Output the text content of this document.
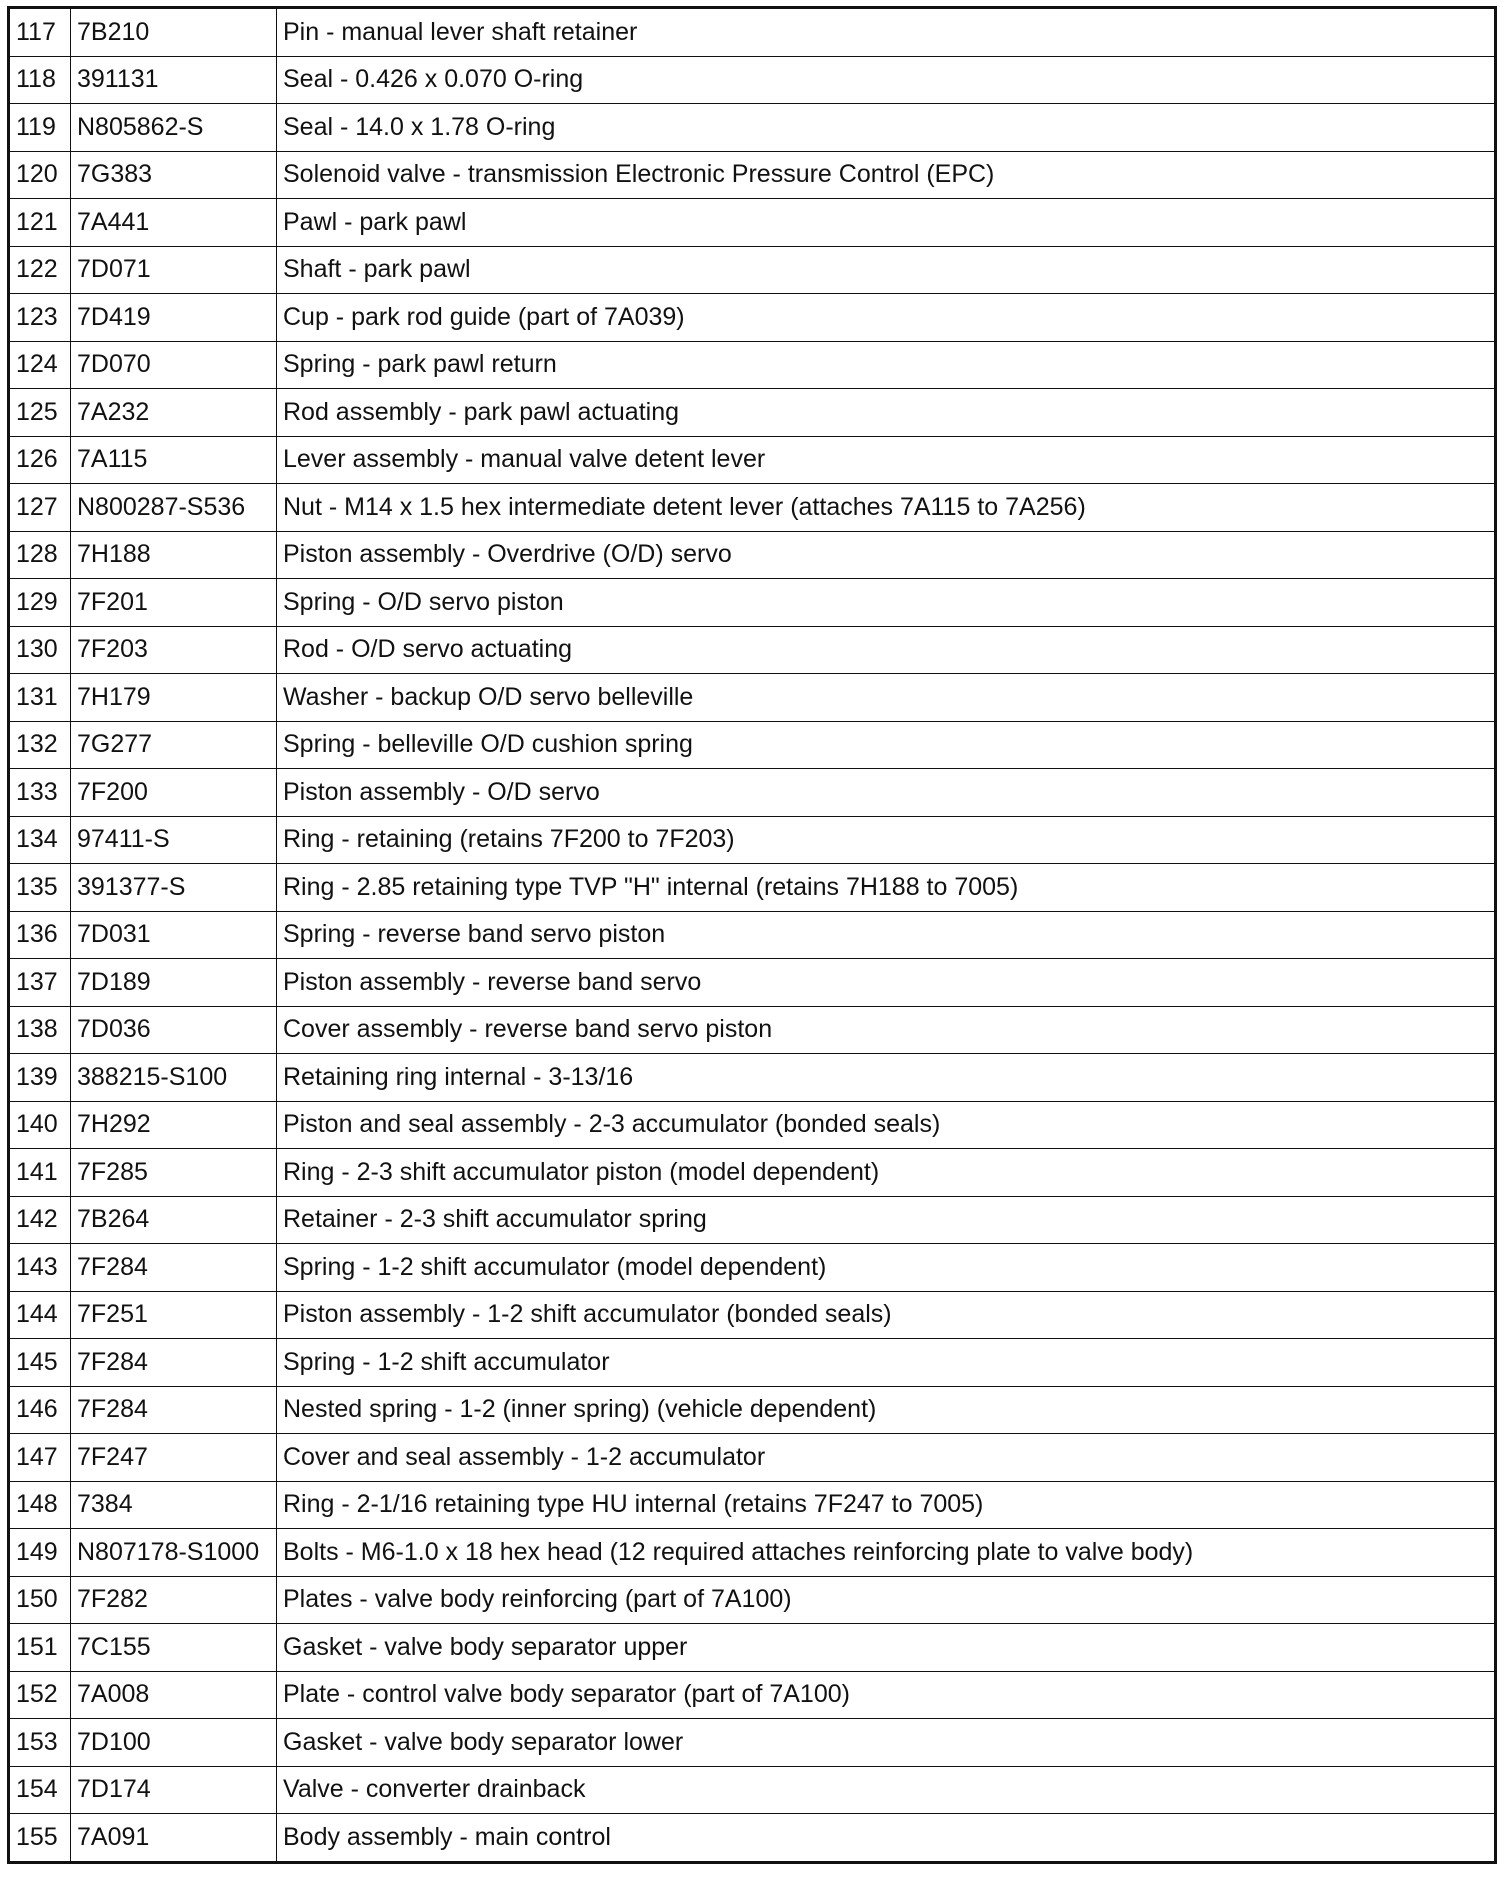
117	7B210	Pin - manual lever shaft retainer
118	391131	Seal - 0.426 x 0.070 O-ring
119	N805862-S	Seal - 14.0 x 1.78 O-ring
120	7G383	Solenoid valve - transmission Electronic Pressure Control (EPC)
121	7A441	Pawl - park pawl
122	7D071	Shaft - park pawl
123	7D419	Cup - park rod guide (part of 7A039)
124	7D070	Spring - park pawl return
125	7A232	Rod assembly - park pawl actuating
126	7A115	Lever assembly - manual valve detent lever
127	N800287-S536	Nut - M14 x 1.5 hex intermediate detent lever (attaches 7A115 to 7A256)
128	7H188	Piston assembly - Overdrive (O/D) servo
129	7F201	Spring - O/D servo piston
130	7F203	Rod - O/D servo actuating
131	7H179	Washer - backup O/D servo belleville
132	7G277	Spring - belleville O/D cushion spring
133	7F200	Piston assembly - O/D servo
134	97411-S	Ring - retaining (retains 7F200 to 7F203)
135	391377-S	Ring - 2.85 retaining type TVP "H" internal (retains 7H188 to 7005)
136	7D031	Spring - reverse band servo piston
137	7D189	Piston assembly - reverse band servo
138	7D036	Cover assembly - reverse band servo piston
139	388215-S100	Retaining ring internal - 3-13/16
140	7H292	Piston and seal assembly - 2-3 accumulator (bonded seals)
141	7F285	Ring - 2-3 shift accumulator piston (model dependent)
142	7B264	Retainer - 2-3 shift accumulator spring
143	7F284	Spring - 1-2 shift accumulator (model dependent)
144	7F251	Piston assembly - 1-2 shift accumulator (bonded seals)
145	7F284	Spring - 1-2 shift accumulator
146	7F284	Nested spring - 1-2 (inner spring) (vehicle dependent)
147	7F247	Cover and seal assembly - 1-2 accumulator
148	7384	Ring - 2-1/16 retaining type HU internal (retains 7F247 to 7005)
149	N807178-S1000	Bolts - M6-1.0 x 18 hex head (12 required attaches reinforcing plate to valve body)
150	7F282	Plates - valve body reinforcing (part of 7A100)
151	7C155	Gasket - valve body separator upper
152	7A008	Plate - control valve body separator (part of 7A100)
153	7D100	Gasket - valve body separator lower
154	7D174	Valve - converter drainback
155	7A091	Body assembly - main control
